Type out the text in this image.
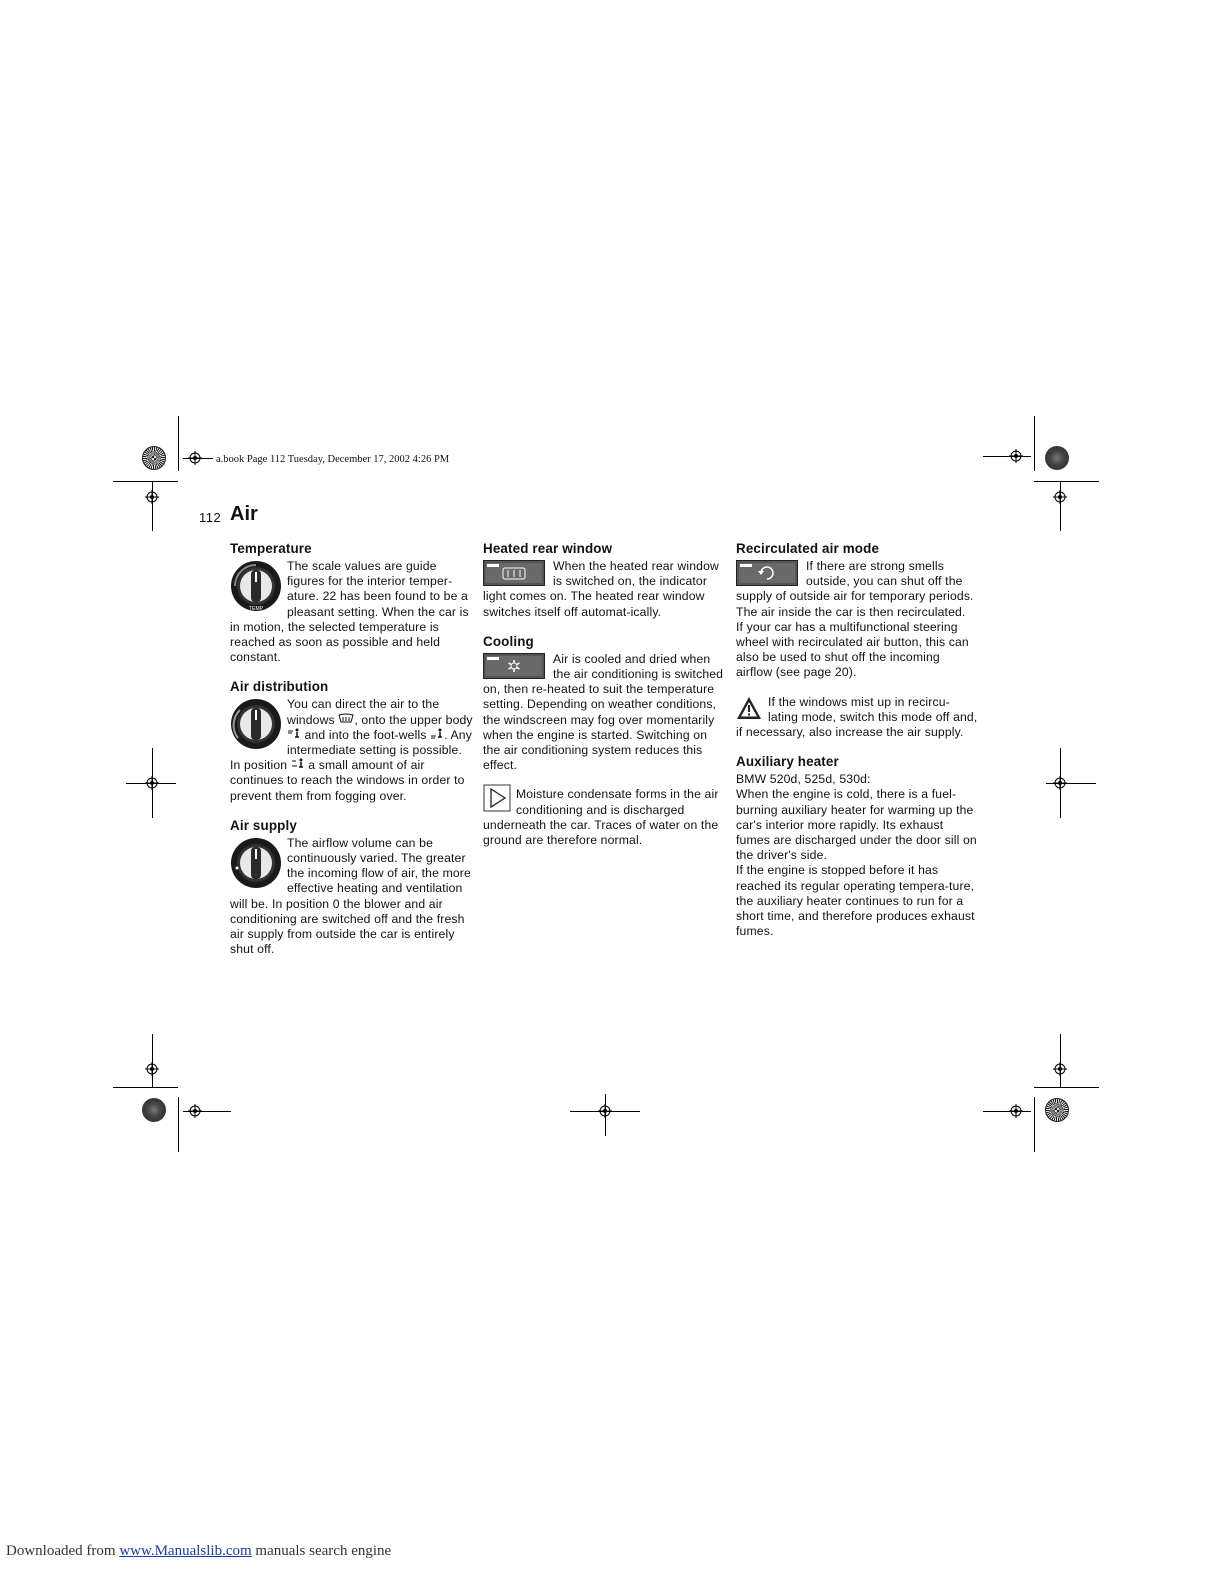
a.book Page 112 Tuesday, December 17, 2002 4:26 PM
112 Air
Temperature
TEMP

The scale values are guide figures for the interior temper-ature. 22 has been found to be a pleasant setting. When the car is in motion, the selected temperature is reached as soon as possible and held constant.

Air distribution

You can direct the air to the windows , onto the upper body  and into the foot-wells . Any intermediate setting is possible. In position  a small amount of air continues to reach the windows in order to prevent them from fogging over.

Air supply

The airflow volume can be continuously varied. The greater the incoming flow of air, the more effective heating and ventilation will be. In position 0 the blower and air conditioning are switched off and the fresh air supply from outside the car is entirely shut off.

Heated rear window

When the heated rear window is switched on, the indicator light comes on. The heated rear window switches itself off automat-ically.

Cooling

Air is cooled and dried when the air conditioning is switched on, then re-heated to suit the temperature setting. Depending on weather conditions, the windscreen may fog over momentarily when the engine is started. Switching on the air conditioning system reduces this effect.

Moisture condensate forms in the air conditioning and is discharged underneath the car. Traces of water on the ground are therefore normal.

Recirculated air mode

If there are strong smells outside, you can shut off the supply of outside air for temporary periods. The air inside the car is then recirculated.

If your car has a multifunctional steering wheel with recirculated air button, this can also be used to shut off the incoming airflow (see page 20).

If the windows mist up in recircu-lating mode, switch this mode off and, if necessary, also increase the air supply.

Auxiliary heater

BMW 520d, 525d, 530d:

When the engine is cold, there is a fuel-burning auxiliary heater for warming up the car's interior more rapidly. Its exhaust fumes are discharged under the door sill on the driver's side.

If the engine is stopped before it has reached its regular operating tempera-ture, the auxiliary heater continues to run for a short time, and therefore produces exhaust fumes.

Downloaded from www.Manualslib.com manuals search engine
